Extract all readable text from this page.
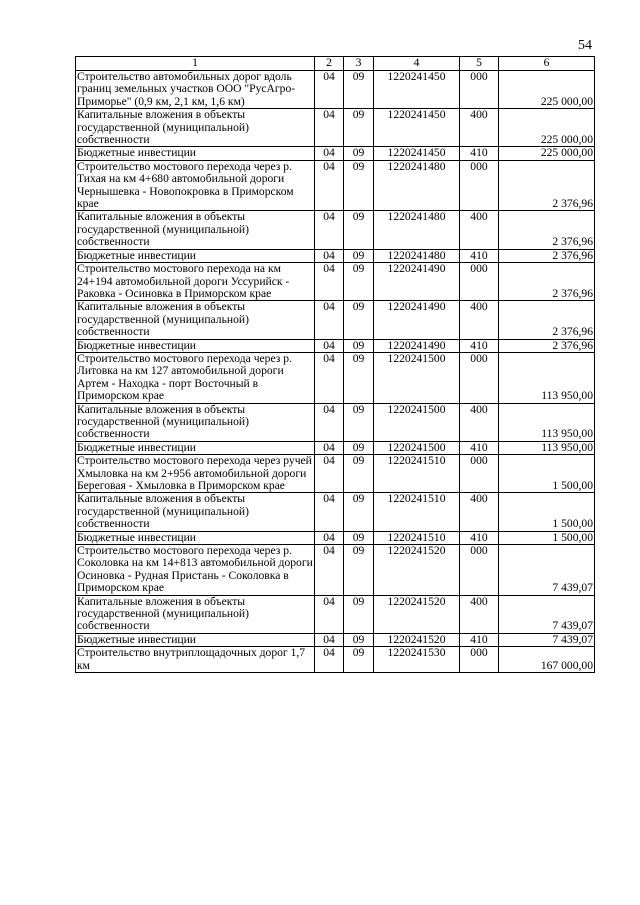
54
1	2	3	4	5	6
Строительство автомобильных дорог вдоль границ земельных участков ООО "РусАгро-Приморье" (0,9 км, 2,1 км, 1,6 км)	04	09	1220241450	000	225 000,00
Капитальные вложения в объекты государственной (муниципальной) собственности	04	09	1220241450	400	225 000,00
Бюджетные инвестиции	04	09	1220241450	410	225 000,00
Строительство мостового перехода через р. Тихая на км 4+680 автомобильной дороги Чернышевка - Новопокровка в Приморском крае	04	09	1220241480	000	2 376,96
Капитальные вложения в объекты государственной (муниципальной) собственности	04	09	1220241480	400	2 376,96
Бюджетные инвестиции	04	09	1220241480	410	2 376,96
Строительство мостового перехода на км 24+194 автомобильной дороги Уссурийск - Раковка - Осиновка в Приморском крае	04	09	1220241490	000	2 376,96
Капитальные вложения в объекты государственной (муниципальной) собственности	04	09	1220241490	400	2 376,96
Бюджетные инвестиции	04	09	1220241490	410	2 376,96
Строительство мостового перехода через р. Литовка на км 127 автомобильной дороги Артем - Находка - порт Восточный в Приморском крае	04	09	1220241500	000	113 950,00
Капитальные вложения в объекты государственной (муниципальной) собственности	04	09	1220241500	400	113 950,00
Бюджетные инвестиции	04	09	1220241500	410	113 950,00
Строительство мостового перехода через ручей Хмыловка на км 2+956 автомобильной дороги Береговая - Хмыловка в Приморском крае	04	09	1220241510	000	1 500,00
Капитальные вложения в объекты государственной (муниципальной) собственности	04	09	1220241510	400	1 500,00
Бюджетные инвестиции	04	09	1220241510	410	1 500,00
Строительство мостового перехода через р. Соколовка на км 14+813 автомобильной дороги Осиновка - Рудная Пристань - Соколовка в Приморском крае	04	09	1220241520	000	7 439,07
Капитальные вложения в объекты государственной (муниципальной) собственности	04	09	1220241520	400	7 439,07
Бюджетные инвестиции	04	09	1220241520	410	7 439,07
Строительство внутриплощадочных дорог 1,7 км	04	09	1220241530	000	167 000,00
